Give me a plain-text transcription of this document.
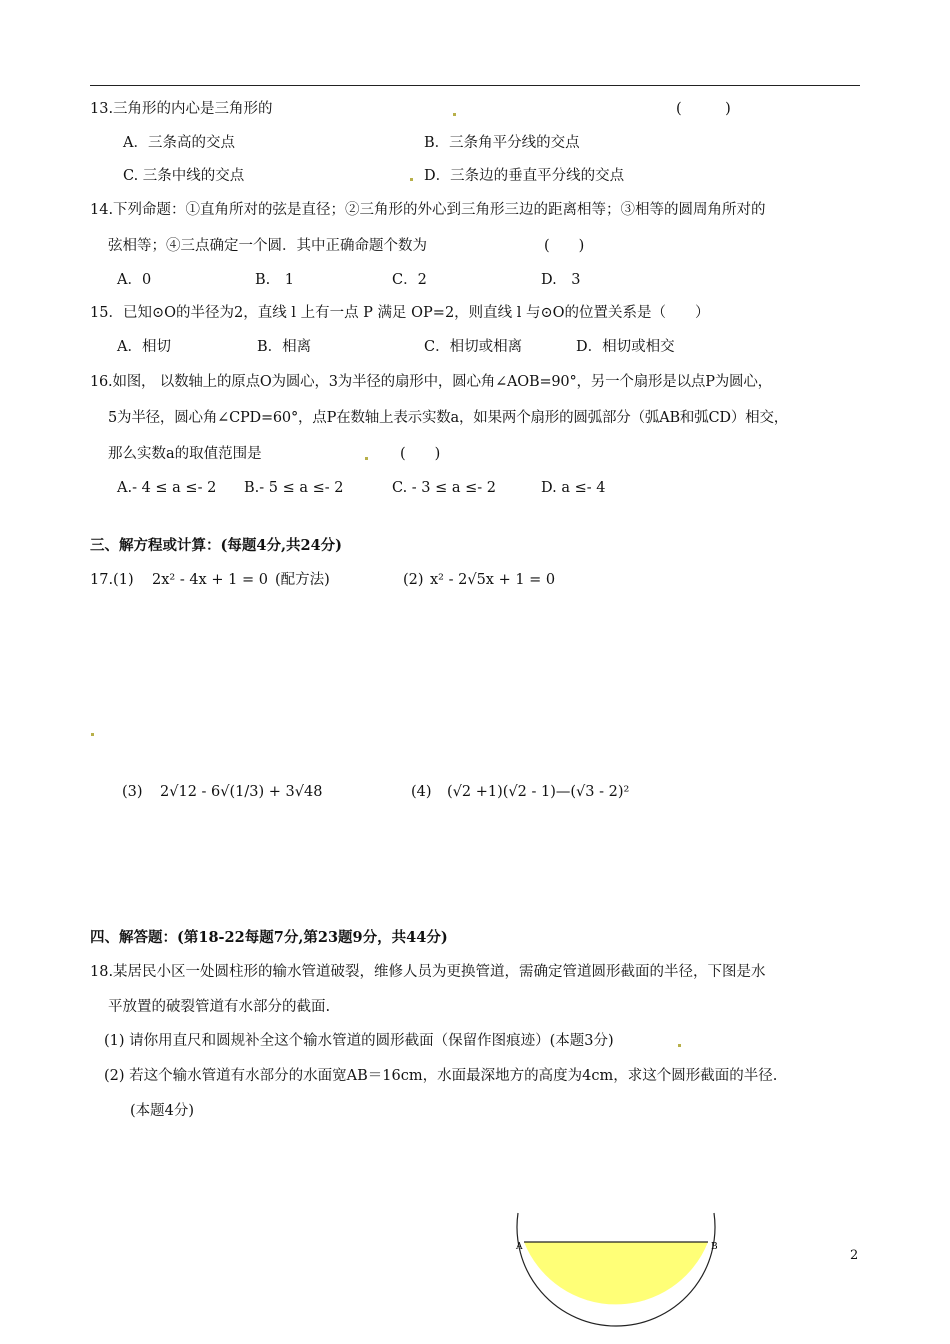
13.三角形的内心是三角形的	(　　　)
A．三条高的交点	B．三条角平分线的交点
C. 三条中线的交点	D．三条边的垂直平分线的交点
14.下列命题：①直角所对的弦是直径；②三角形的外心到三角形三边的距离相等；③相等的圆周角所对的
弦相等；④三点确定一个圆．其中正确命题个数为	(　　)
A．0	B.　1	C．2	D.　3
15．已知⊙O的半径为2，直线 l 上有一点 P 满足 OP=2，则直线 l 与⊙O的位置关系是（　　）
A．相切	B．相离	C．相切或相离	D．相切或相交
16.如图， 以数轴上的原点O为圆心，3为半径的扇形中，圆心角∠AOB=90°，另一个扇形是以点P为圆心，
5为半径，圆心角∠CPD=60°，点P在数轴上表示实数a，如果两个扇形的圆弧部分（弧AB和弧CD）相交，
那么实数a的取值范围是	(　　)
A.- 4 ≤ a ≤- 2 B.- 5 ≤ a ≤- 2	C. - 3 ≤ a ≤- 2	D. a ≤- 4
三、解方程或计算：(每题4分,共24分)
17.(1) 2x² - 4x + 1 = 0 (配方法)	(2) x² - 2√5x + 1 = 0
(3) 2√12 - 6√(1/3) + 3√48	(4) (√2 +1)(√2 - 1)—(√3 - 2)²
四、解答题：(第18-22每题7分,第23题9分，共44分)
18.某居民小区一处圆柱形的输水管道破裂，维修人员为更换管道，需确定管道圆形截面的半径，下图是水
平放置的破裂管道有水部分的截面.
(1) 请你用直尺和圆规补全这个输水管道的圆形截面（保留作图痕迹）(本题3分)
(2) 若这个输水管道有水部分的水面宽AB＝16cm，水面最深地方的高度为4cm，求这个圆形截面的半径.
(本题4分)
A	B
2
